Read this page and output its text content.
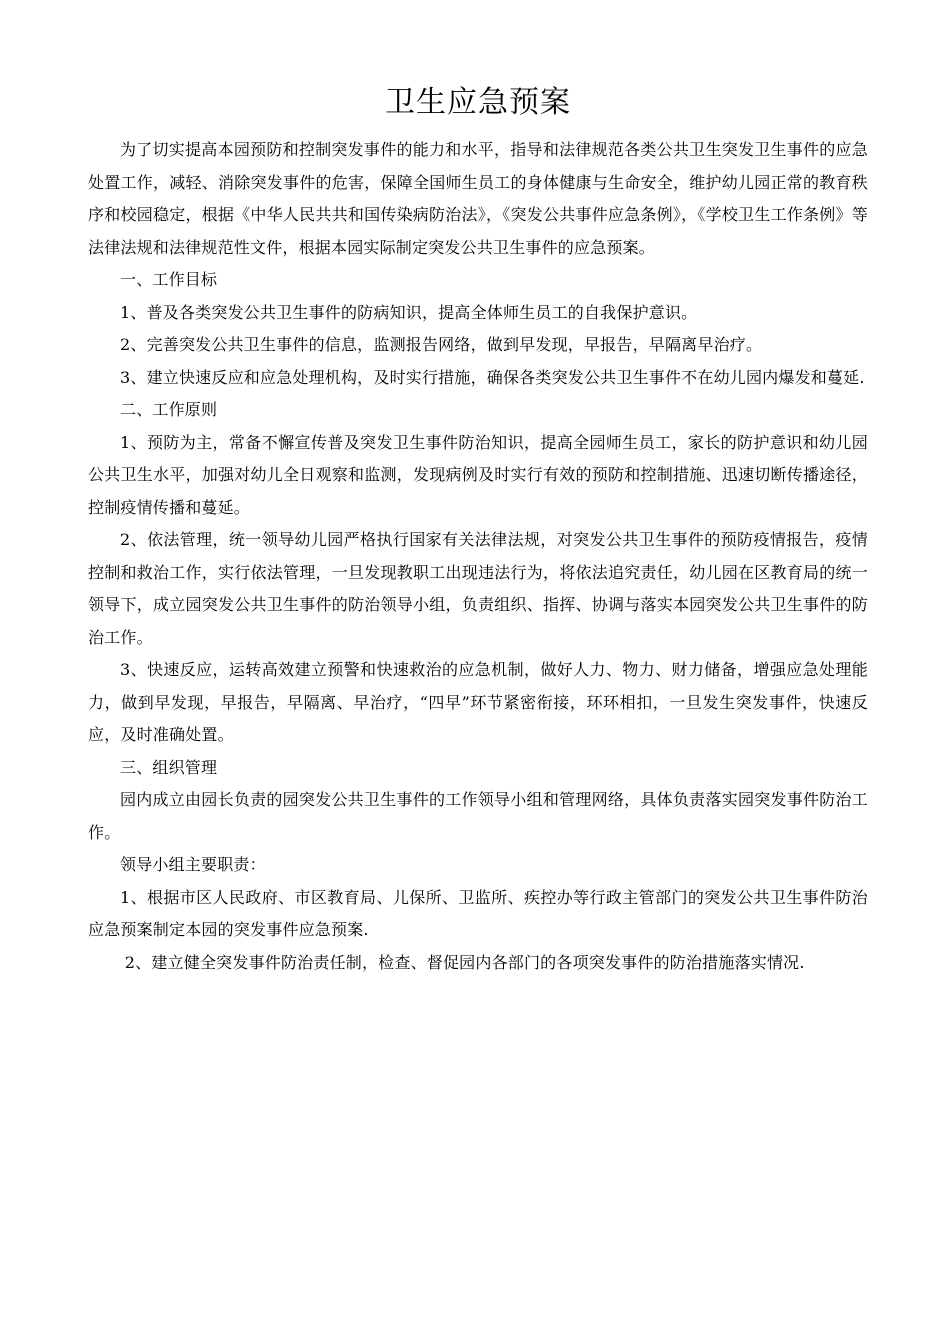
卫生应急预案

为了切实提高本园预防和控制突发事件的能力和水平，指导和法律规范各类公共卫生突发卫生事件的应急处置工作，减轻、消除突发事件的危害，保障全国师生员工的身体健康与生命安全，维护幼儿园正常的教育秩序和校园稳定，根据《中华人民共共和国传染病防治法》，《突发公共事件应急条例》，《学校卫生工作条例》等法律法规和法律规范性文件，根据本园实际制定突发公共卫生事件的应急预案。

一、工作目标

1、普及各类突发公共卫生事件的防病知识，提高全体师生员工的自我保护意识。

2、完善突发公共卫生事件的信息，监测报告网络，做到早发现，早报告，早隔离早治疗。

3、建立快速反应和应急处理机构，及时实行措施，确保各类突发公共卫生事件不在幼儿园内爆发和蔓延.

二、工作原则

1、预防为主，常备不懈宣传普及突发卫生事件防治知识，提高全园师生员工，家长的防护意识和幼儿园公共卫生水平，加强对幼儿全日观察和监测，发现病例及时实行有效的预防和控制措施、迅速切断传播途径，控制疫情传播和蔓延。

2、依法管理，统一领导幼儿园严格执行国家有关法律法规，对突发公共卫生事件的预防疫情报告，疫情控制和救治工作，实行依法管理，一旦发现教职工出现违法行为，将依法追究责任，幼儿园在区教育局的统一领导下，成立园突发公共卫生事件的防治领导小组，负责组织、指挥、协调与落实本园突发公共卫生事件的防治工作。

3、快速反应，运转高效建立预警和快速救治的应急机制，做好人力、物力、财力储备，增强应急处理能力，做到早发现，早报告，早隔离、早治疗，“四早”环节紧密衔接，环环相扣，一旦发生突发事件，快速反应，及时准确处置。

三、组织管理

园内成立由园长负责的园突发公共卫生事件的工作领导小组和管理网络，具体负责落实园突发事件防治工作。

领导小组主要职责：

1、根据市区人民政府、市区教育局、儿保所、卫监所、疾控办等行政主管部门的突发公共卫生事件防治应急预案制定本园的突发事件应急预案.

2、建立健全突发事件防治责任制，检查、督促园内各部门的各项突发事件的防治措施落实情况.
